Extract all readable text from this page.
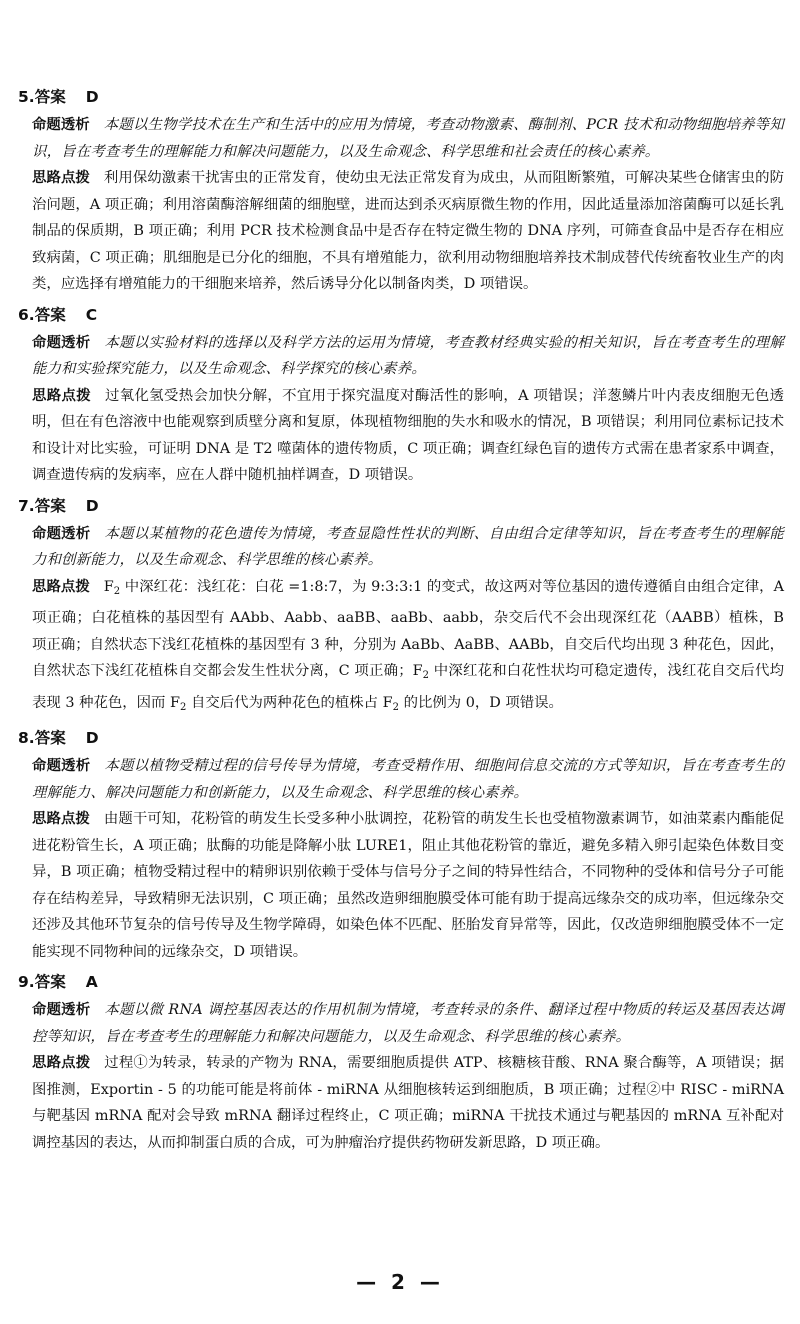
5.答案 D
命题透析 本题以生物学技术在生产和生活中的应用为情境，考查动物激素、酶制剂、PCR 技术和动物细胞培养等知识，旨在考查考生的理解能力和解决问题能力，以及生命观念、科学思维和社会责任的核心素养。
思路点拨 利用保幼激素干扰害虫的正常发育，使幼虫无法正常发育为成虫，从而阻断繁殖，可解决某些仓储害虫的防治问题，A 项正确；利用溶菌酶溶解细菌的细胞壁，进而达到杀灭病原微生物的作用，因此适量添加溶菌酶可以延长乳制品的保质期，B 项正确；利用 PCR 技术检测食品中是否存在特定微生物的 DNA 序列，可筛查食品中是否存在相应致病菌，C 项正确；肌细胞是已分化的细胞，不具有增殖能力，欲利用动物细胞培养技术制成替代传统畜牧业生产的肉类，应选择有增殖能力的干细胞来培养，然后诱导分化以制备肉类，D 项错误。
6.答案 C
命题透析 本题以实验材料的选择以及科学方法的运用为情境，考查教材经典实验的相关知识，旨在考查考生的理解能力和实验探究能力，以及生命观念、科学探究的核心素养。
思路点拨 过氧化氢受热会加快分解，不宜用于探究温度对酶活性的影响，A 项错误；洋葱鳞片叶内表皮细胞无色透明，但在有色溶液中也能观察到质壁分离和复原，体现植物细胞的失水和吸水的情况，B 项错误；利用同位素标记技术和设计对比实验，可证明 DNA 是 T2 噬菌体的遗传物质，C 项正确；调查红绿色盲的遗传方式需在患者家系中调查，调查遗传病的发病率，应在人群中随机抽样调查，D 项错误。
7.答案 D
命题透析 本题以某植物的花色遗传为情境，考查显隐性性状的判断、自由组合定律等知识，旨在考查考生的理解能力和创新能力，以及生命观念、科学思维的核心素养。
思路点拨 $F_2$ 中深红花：浅红花：白花 =1:8:7，为 9:3:3:1 的变式，故这两对等位基因的遗传遵循自由组合定律，A 项正确；白花植株的基因型有 AAbb、Aabb、aaBB、aaBb、aabb，杂交后代不会出现深红花（AABB）植株，B 项正确；自然状态下浅红花植株的基因型有 3 种，分别为 AaBb、AaBB、AABb，自交后代均出现 3 种花色，因此，自然状态下浅红花植株自交都会发生性状分离，C 项正确；$F_2$ 中深红花和白花性状均可稳定遗传，浅红花自交后代均表现 3 种花色，因而 $F_2$ 自交后代为两种花色的植株占 $F_2$ 的比例为 0，D 项错误。
8.答案 D
命题透析 本题以植物受精过程的信号传导为情境，考查受精作用、细胞间信息交流的方式等知识，旨在考查考生的理解能力、解决问题能力和创新能力，以及生命观念、科学思维的核心素养。
思路点拨 由题干可知，花粉管的萌发生长受多种小肽调控，花粉管的萌发生长也受植物激素调节，如油菜素内酯能促进花粉管生长，A 项正确；肽酶的功能是降解小肽 LURE1，阻止其他花粉管的靠近，避免多精入卵引起染色体数目变异，B 项正确；植物受精过程中的精卵识别依赖于受体与信号分子之间的特异性结合，不同物种的受体和信号分子可能存在结构差异，导致精卵无法识别，C 项正确；虽然改造卵细胞膜受体可能有助于提高远缘杂交的成功率，但远缘杂交还涉及其他环节复杂的信号传导及生物学障碍，如染色体不匹配、胚胎发育异常等，因此，仅改造卵细胞膜受体不一定能实现不同物种间的远缘杂交，D 项错误。
9.答案 A
命题透析 本题以微 RNA 调控基因表达的作用机制为情境，考查转录的条件、翻译过程中物质的转运及基因表达调控等知识，旨在考查考生的理解能力和解决问题能力，以及生命观念、科学思维的核心素养。
思路点拨 过程①为转录，转录的产物为 RNA，需要细胞质提供 ATP、核糖核苷酸、RNA 聚合酶等，A 项错误；据图推测，Exportin - 5 的功能可能是将前体 - miRNA 从细胞核转运到细胞质，B 项正确；过程②中 RISC - miRNA 与靶基因 mRNA 配对会导致 mRNA 翻译过程终止，C 项正确；miRNA 干扰技术通过与靶基因的 mRNA 互补配对调控基因的表达，从而抑制蛋白质的合成，可为肿瘤治疗提供药物研发新思路，D 项正确。
— 2 —
